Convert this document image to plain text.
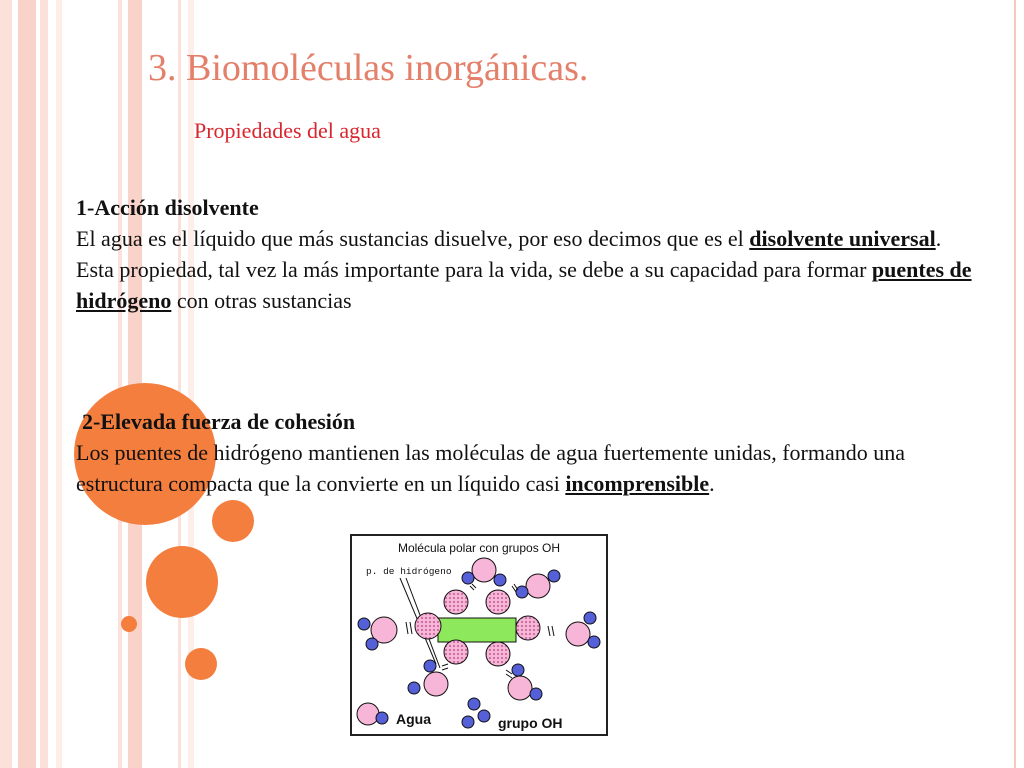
3. Biomoléculas inorgánicas.
Propiedades del agua
1-Acción disolvente
El agua es el líquido que más sustancias disuelve, por eso decimos que es el disolvente universal. Esta propiedad, tal vez la más importante para la vida, se debe a su capacidad para formar puentes de hidrógeno con otras sustancias
2-Elevada fuerza de cohesión
Los puentes de hidrógeno mantienen las moléculas de agua fuertemente unidas, formando una estructura compacta que la convierte en un líquido casi incomprensible.
Molécula polar con grupos OH
p. de hidrógeno
Agua	grupo OH
